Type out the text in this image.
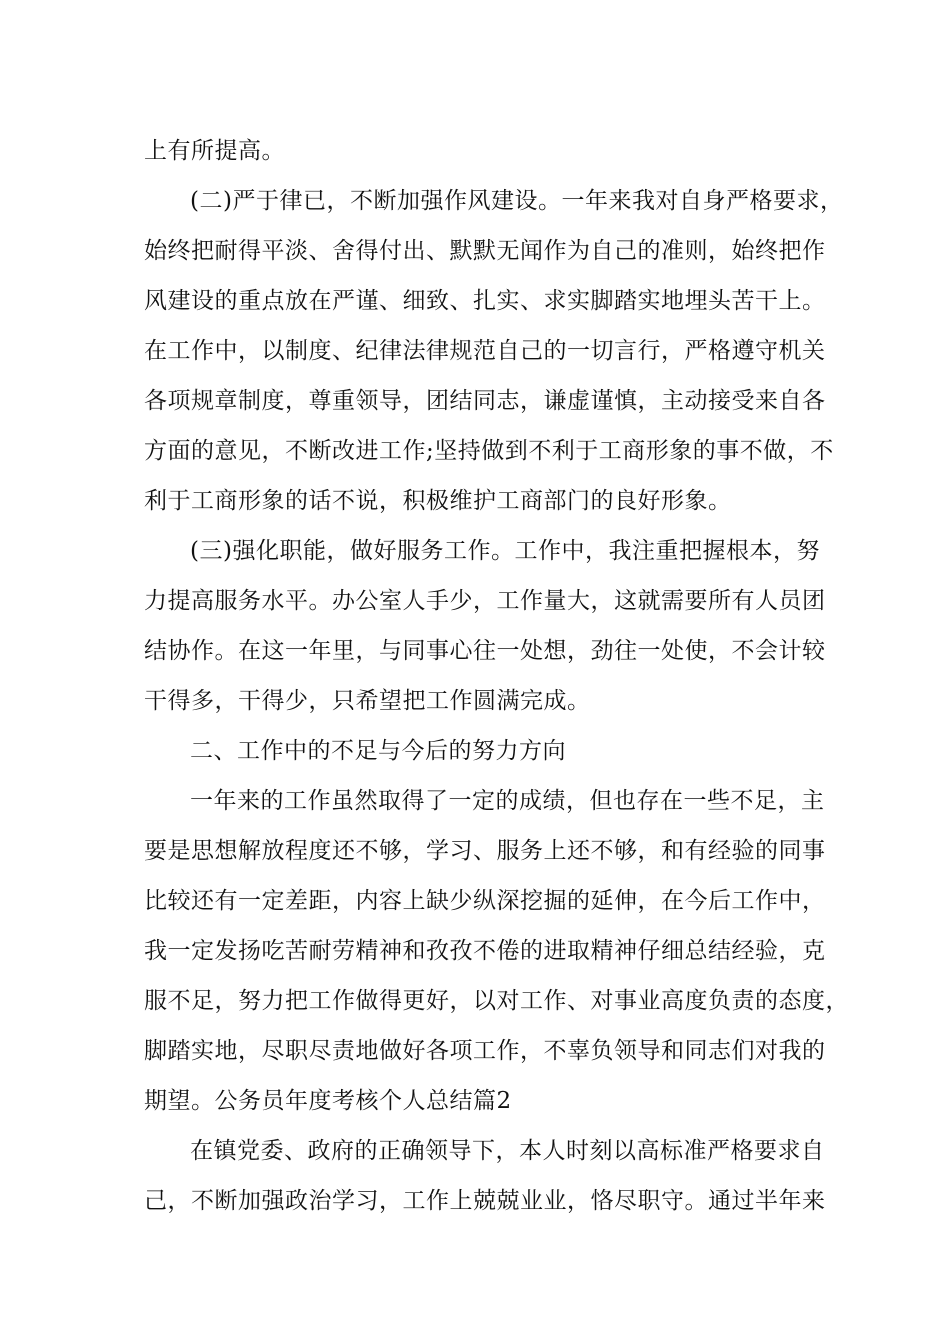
上有所提高。
(二)严于律已，不断加强作风建设。一年来我对自身严格要求，
始终把耐得平淡、舍得付出、默默无闻作为自己的准则，始终把作
风建设的重点放在严谨、细致、扎实、求实脚踏实地埋头苦干上。
在工作中，以制度、纪律法律规范自己的一切言行，严格遵守机关
各项规章制度，尊重领导，团结同志，谦虚谨慎，主动接受来自各
方面的意见，不断改进工作;坚持做到不利于工商形象的事不做，不
利于工商形象的话不说，积极维护工商部门的良好形象。
(三)强化职能，做好服务工作。工作中，我注重把握根本，努
力提高服务水平。办公室人手少，工作量大，这就需要所有人员团
结协作。在这一年里，与同事心往一处想，劲往一处使，不会计较
干得多，干得少，只希望把工作圆满完成。
二、工作中的不足与今后的努力方向
一年来的工作虽然取得了一定的成绩，但也存在一些不足，主
要是思想解放程度还不够，学习、服务上还不够，和有经验的同事
比较还有一定差距，内容上缺少纵深挖掘的延伸，在今后工作中，
我一定发扬吃苦耐劳精神和孜孜不倦的进取精神仔细总结经验，克
服不足，努力把工作做得更好，以对工作、对事业高度负责的态度，
脚踏实地，尽职尽责地做好各项工作，不辜负领导和同志们对我的
期望。公务员年度考核个人总结篇2
在镇党委、政府的正确领导下，本人时刻以高标准严格要求自
己，不断加强政治学习，工作上兢兢业业，恪尽职守。通过半年来
